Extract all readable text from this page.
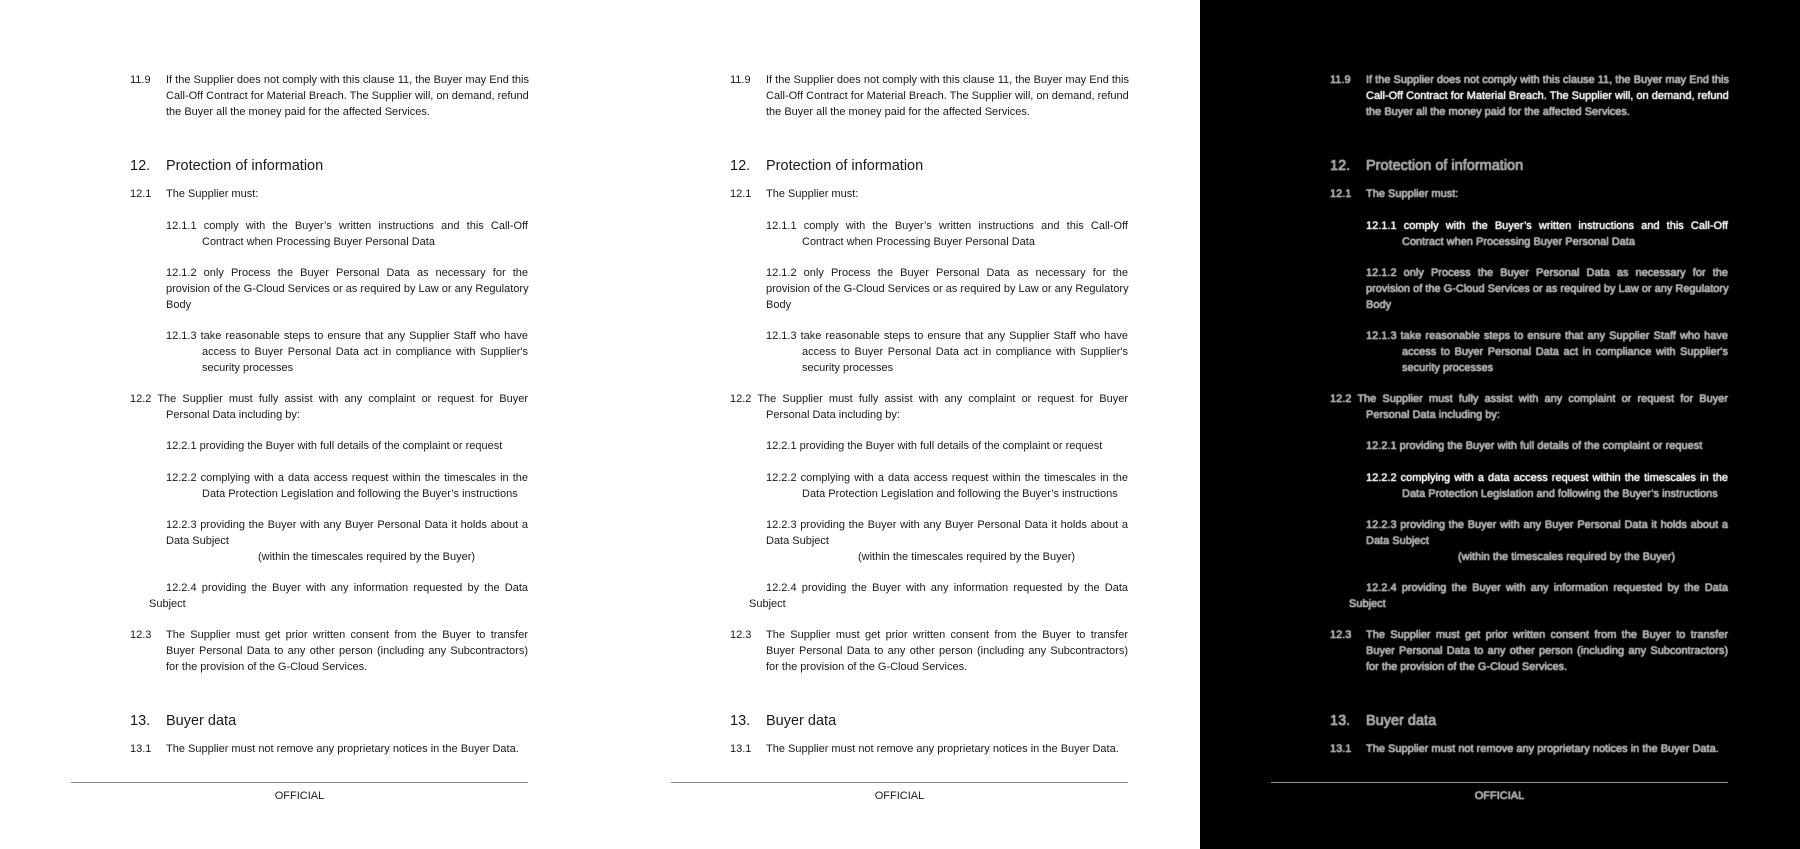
11.9 If the Supplier does not comply with this clause 11, the Buyer may End this
Call-Off Contract for Material Breach. The Supplier will, on demand, refund
the Buyer all the money paid for the affected Services.
12. Protection of information
12.1 The Supplier must:
12.1.1 comply with the Buyer’s written instructions and this Call-Off
Contract when Processing Buyer Personal Data
12.1.2 only Process the Buyer Personal Data as necessary for the
provision of the G-Cloud Services or as required by Law or any Regulatory
Body
12.1.3 take reasonable steps to ensure that any Supplier Staff who have
access to Buyer Personal Data act in compliance with Supplier's
security processes
12.2 The Supplier must fully assist with any complaint or request for Buyer
Personal Data including by:
12.2.1 providing the Buyer with full details of the complaint or request
12.2.2 complying with a data access request within the timescales in the
Data Protection Legislation and following the Buyer’s instructions
12.2.3 providing the Buyer with any Buyer Personal Data it holds about a
Data Subject
(within the timescales required by the Buyer)
12.2.4 providing the Buyer with any information requested by the Data
Subject
12.3 The Supplier must get prior written consent from the Buyer to transfer
Buyer Personal Data to any other person (including any Subcontractors)
for the provision of the G-Cloud Services.
13. Buyer data
13.1 The Supplier must not remove any proprietary notices in the Buyer Data.
OFFICIAL
11.9 If the Supplier does not comply with this clause 11, the Buyer may End this
Call-Off Contract for Material Breach. The Supplier will, on demand, refund
the Buyer all the money paid for the affected Services.
12. Protection of information
12.1 The Supplier must:
12.1.1 comply with the Buyer’s written instructions and this Call-Off
Contract when Processing Buyer Personal Data
12.1.2 only Process the Buyer Personal Data as necessary for the
provision of the G-Cloud Services or as required by Law or any Regulatory
Body
12.1.3 take reasonable steps to ensure that any Supplier Staff who have
access to Buyer Personal Data act in compliance with Supplier's
security processes
12.2 The Supplier must fully assist with any complaint or request for Buyer
Personal Data including by:
12.2.1 providing the Buyer with full details of the complaint or request
12.2.2 complying with a data access request within the timescales in the
Data Protection Legislation and following the Buyer’s instructions
12.2.3 providing the Buyer with any Buyer Personal Data it holds about a
Data Subject
(within the timescales required by the Buyer)
12.2.4 providing the Buyer with any information requested by the Data
Subject
12.3 The Supplier must get prior written consent from the Buyer to transfer
Buyer Personal Data to any other person (including any Subcontractors)
for the provision of the G-Cloud Services.
13. Buyer data
13.1 The Supplier must not remove any proprietary notices in the Buyer Data.
OFFICIAL
11.9 If the Supplier does not comply with this clause 11, the Buyer may End this
Call-Off Contract for Material Breach. The Supplier will, on demand, refund
the Buyer all the money paid for the affected Services.
12. Protection of information
12.1 The Supplier must:
12.1.1 comply with the Buyer’s written instructions and this Call-Off
Contract when Processing Buyer Personal Data
12.1.2 only Process the Buyer Personal Data as necessary for the
provision of the G-Cloud Services or as required by Law or any Regulatory
Body
12.1.3 take reasonable steps to ensure that any Supplier Staff who have
access to Buyer Personal Data act in compliance with Supplier's
security processes
12.2 The Supplier must fully assist with any complaint or request for Buyer
Personal Data including by:
12.2.1 providing the Buyer with full details of the complaint or request
12.2.2 complying with a data access request within the timescales in the
Data Protection Legislation and following the Buyer’s instructions
12.2.3 providing the Buyer with any Buyer Personal Data it holds about a
Data Subject
(within the timescales required by the Buyer)
12.2.4 providing the Buyer with any information requested by the Data
Subject
12.3 The Supplier must get prior written consent from the Buyer to transfer
Buyer Personal Data to any other person (including any Subcontractors)
for the provision of the G-Cloud Services.
13. Buyer data
13.1 The Supplier must not remove any proprietary notices in the Buyer Data.
OFFICIAL
